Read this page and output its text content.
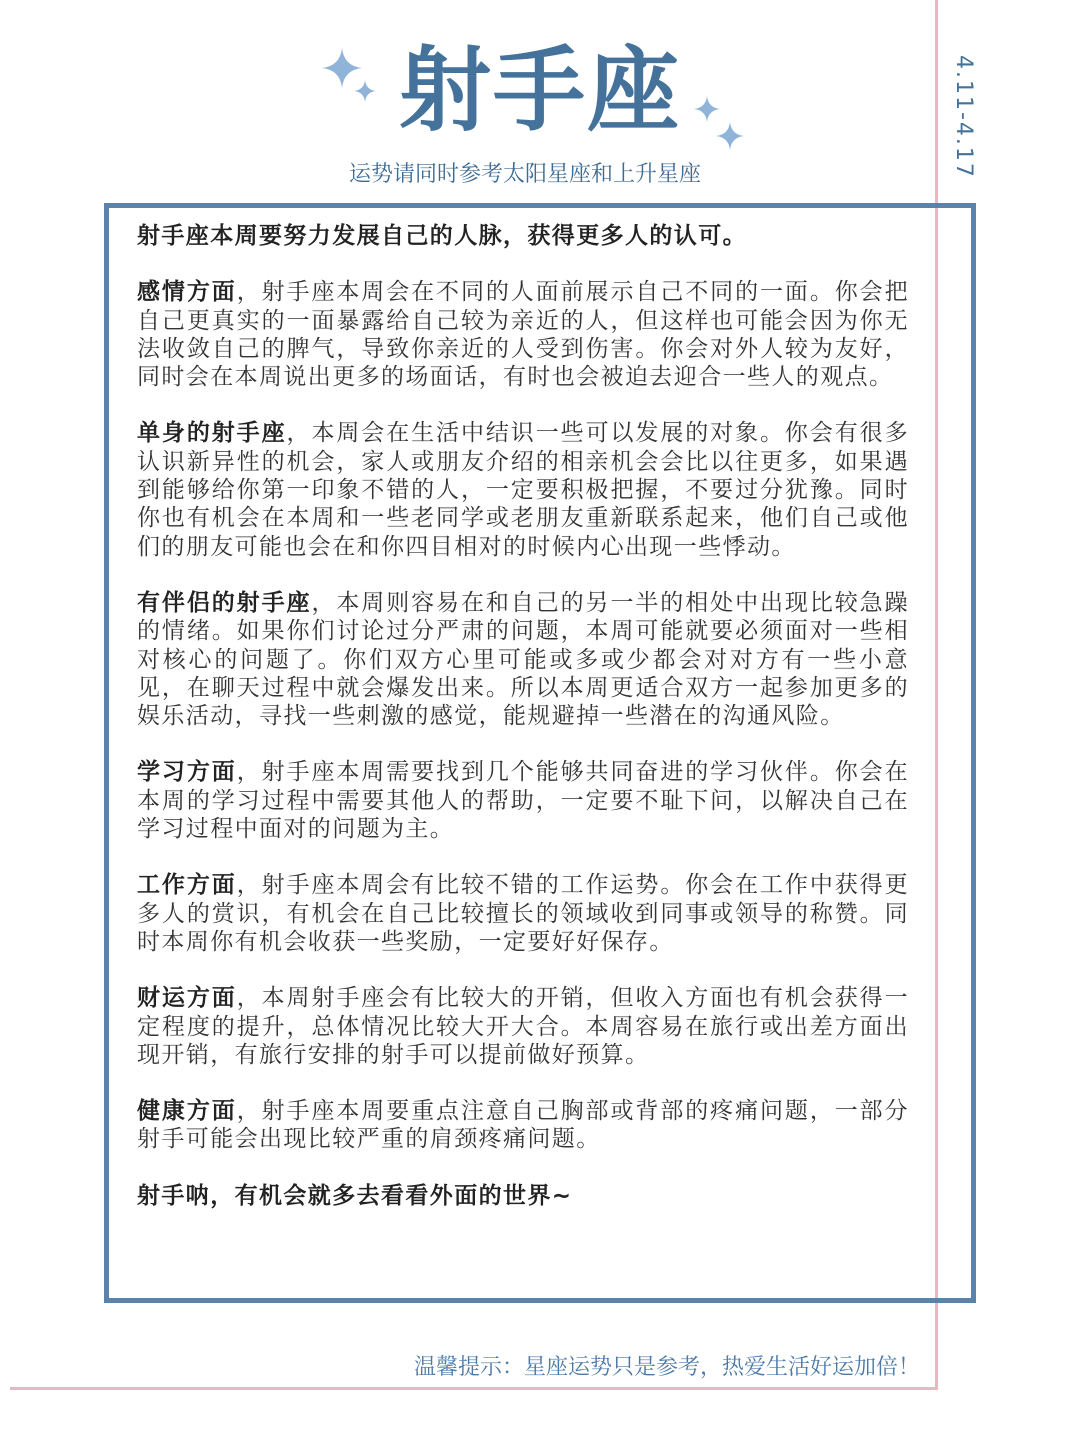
射手座
运势请同时参考太阳星座和上升星座	4.11-4.17

射手座本周要努力发展自己的人脉，获得更多人的认可。

感情方面，射手座本周会在不同的人面前展示自己不同的一面。你会把自己更真实的一面暴露给自己较为亲近的人，但这样也可能会因为你无法收敛自己的脾气，导致你亲近的人受到伤害。你会对外人较为友好，同时会在本周说出更多的场面话，有时也会被迫去迎合一些人的观点。

单身的射手座，本周会在生活中结识一些可以发展的对象。你会有很多认识新异性的机会，家人或朋友介绍的相亲机会会比以往更多，如果遇到能够给你第一印象不错的人，一定要积极把握，不要过分犹豫。同时你也有机会在本周和一些老同学或老朋友重新联系起来，他们自己或他们的朋友可能也会在和你四目相对的时候内心出现一些悸动。

有伴侣的射手座，本周则容易在和自己的另一半的相处中出现比较急躁的情绪。如果你们讨论过分严肃的问题，本周可能就要必须面对一些相对核心的问题了。你们双方心里可能或多或少都会对对方有一些小意见，在聊天过程中就会爆发出来。所以本周更适合双方一起参加更多的娱乐活动，寻找一些刺激的感觉，能规避掉一些潜在的沟通风险。

学习方面，射手座本周需要找到几个能够共同奋进的学习伙伴。你会在本周的学习过程中需要其他人的帮助，一定要不耻下问，以解决自己在学习过程中面对的问题为主。

工作方面，射手座本周会有比较不错的工作运势。你会在工作中获得更多人的赏识，有机会在自己比较擅长的领域收到同事或领导的称赞。同时本周你有机会收获一些奖励，一定要好好保存。

财运方面，本周射手座会有比较大的开销，但收入方面也有机会获得一定程度的提升，总体情况比较大开大合。本周容易在旅行或出差方面出现开销，有旅行安排的射手可以提前做好预算。

健康方面，射手座本周要重点注意自己胸部或背部的疼痛问题，一部分射手可能会出现比较严重的肩颈疼痛问题。

射手呐，有机会就多去看看外面的世界~

温馨提示：星座运势只是参考，热爱生活好运加倍！
